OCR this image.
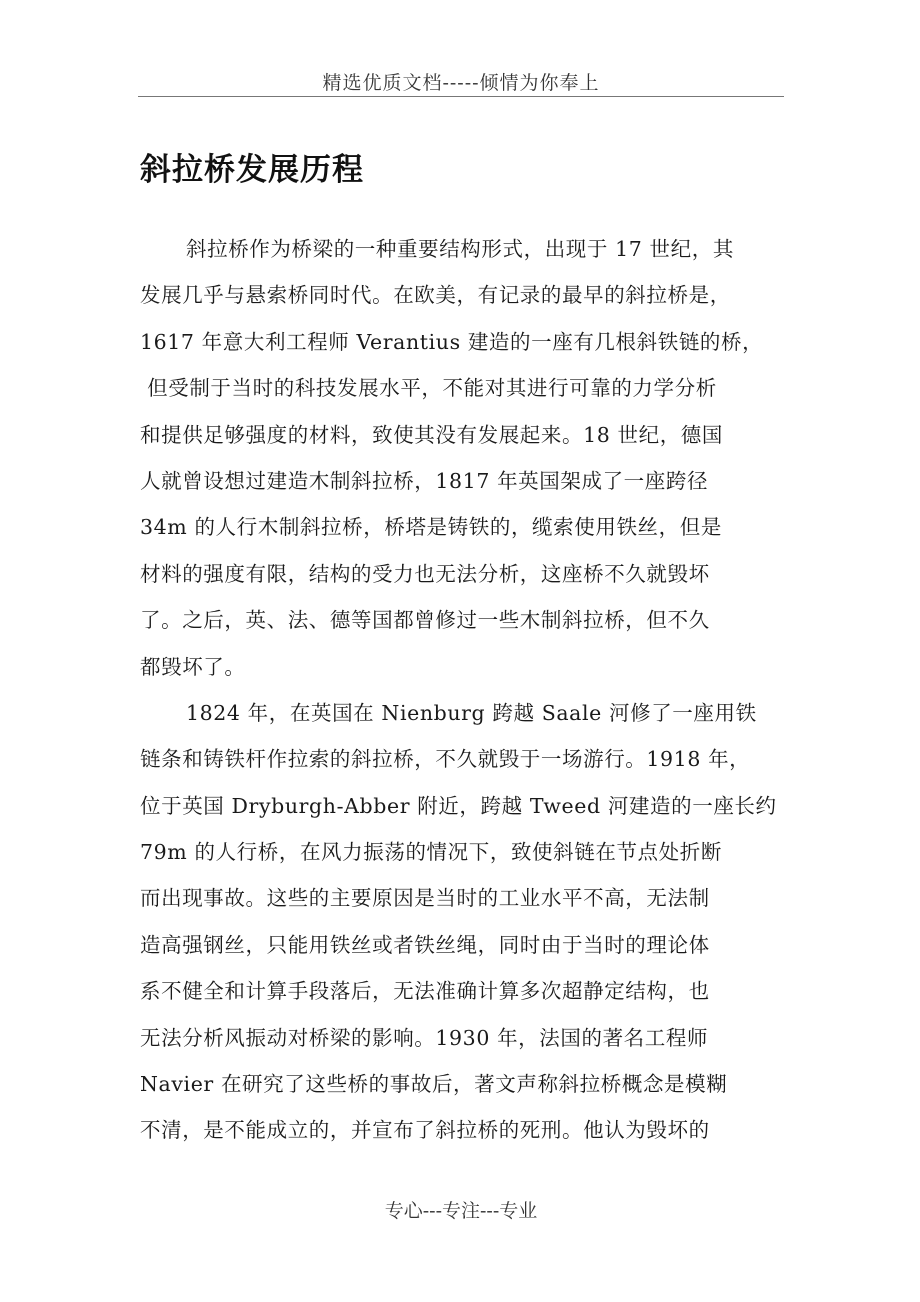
精选优质文档-----倾情为你奉上
斜拉桥发展历程
斜拉桥作为桥梁的一种重要结构形式，出现于 17 世纪，其
发展几乎与悬索桥同时代。在欧美，有记录的最早的斜拉桥是，
1617 年意大利工程师 Verantius 建造的一座有几根斜铁链的桥，
但受制于当时的科技发展水平，不能对其进行可靠的力学分析
和提供足够强度的材料，致使其没有发展起来。18 世纪，德国
人就曾设想过建造木制斜拉桥，1817 年英国架成了一座跨径
34m 的人行木制斜拉桥，桥塔是铸铁的，缆索使用铁丝，但是
材料的强度有限，结构的受力也无法分析，这座桥不久就毁坏
了。之后，英、法、德等国都曾修过一些木制斜拉桥，但不久
都毁坏了。
1824 年，在英国在 Nienburg 跨越 Saale 河修了一座用铁
链条和铸铁杆作拉索的斜拉桥，不久就毁于一场游行。1918 年，
位于英国 Dryburgh-Abber 附近，跨越 Tweed 河建造的一座长约
79m 的人行桥，在风力振荡的情况下，致使斜链在节点处折断
而出现事故。这些的主要原因是当时的工业水平不高，无法制
造高强钢丝，只能用铁丝或者铁丝绳，同时由于当时的理论体
系不健全和计算手段落后，无法准确计算多次超静定结构，也
无法分析风振动对桥梁的影响。1930 年，法国的著名工程师
Navier 在研究了这些桥的事故后，著文声称斜拉桥概念是模糊
不清，是不能成立的，并宣布了斜拉桥的死刑。他认为毁坏的
专心---专注---专业
